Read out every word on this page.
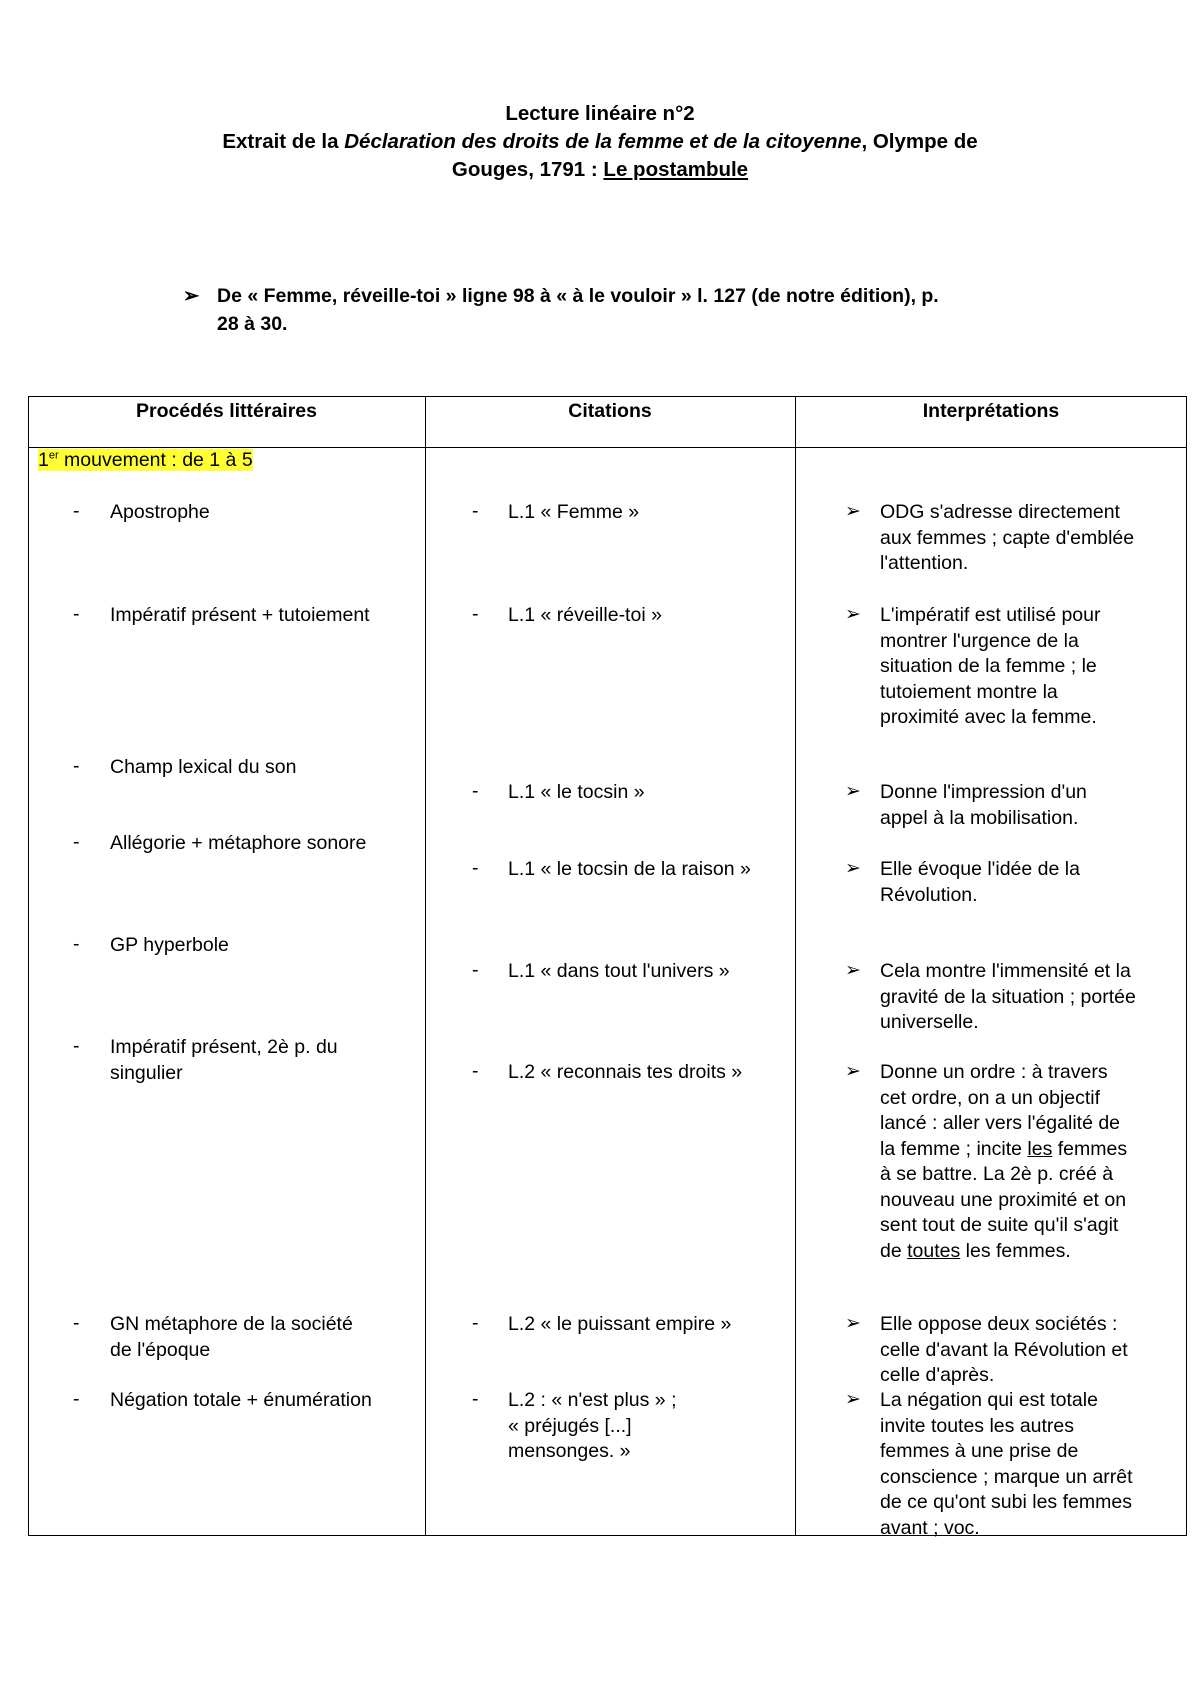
Lecture linéaire n°2
Extrait de la Déclaration des droits de la femme et de la citoyenne, Olympe de
Gouges, 1791 : Le postambule
➢ De « Femme, réveille-toi » ligne 98 à « à le vouloir » l. 127 (de notre édition), p.
28 à 30.
Procédés littéraires	Citations	Interprétations
1er mouvement : de 1 à 5
- Apostrophe
- Impératif présent + tutoiement
- Champ lexical du son
- Allégorie + métaphore sonore
- GP hyperbole
- Impératif présent, 2è p. du
singulier
- GN métaphore de la société
de l'époque
- Négation totale + énumération
- L.1 « Femme »
- L.1 « réveille-toi »
- L.1 « le tocsin »
- L.1 « le tocsin de la raison »
- L.1 « dans tout l'univers »
- L.2 « reconnais tes droits »
- L.2 « le puissant empire »
- L.2 : « n'est plus » ;
« préjugés [...]
mensonges. »
➢ ODG s'adresse directement
aux femmes ; capte d'emblée
l'attention.
➢ L'impératif est utilisé pour
montrer l'urgence de la
situation de la femme ; le
tutoiement montre la
proximité avec la femme.
➢ Donne l'impression d'un
appel à la mobilisation.
➢ Elle évoque l'idée de la
Révolution.
➢ Cela montre l'immensité et la
gravité de la situation ; portée
universelle.
➢ Donne un ordre : à travers
cet ordre, on a un objectif
lancé : aller vers l'égalité de
la femme ; incite les femmes
à se battre. La 2è p. créé à
nouveau une proximité et on
sent tout de suite qu'il s'agit
de toutes les femmes.
➢ Elle oppose deux sociétés :
celle d'avant la Révolution et
celle d'après.
➢ La négation qui est totale
invite toutes les autres
femmes à une prise de
conscience ; marque un arrêt
de ce qu'ont subi les femmes
avant ; voc.
